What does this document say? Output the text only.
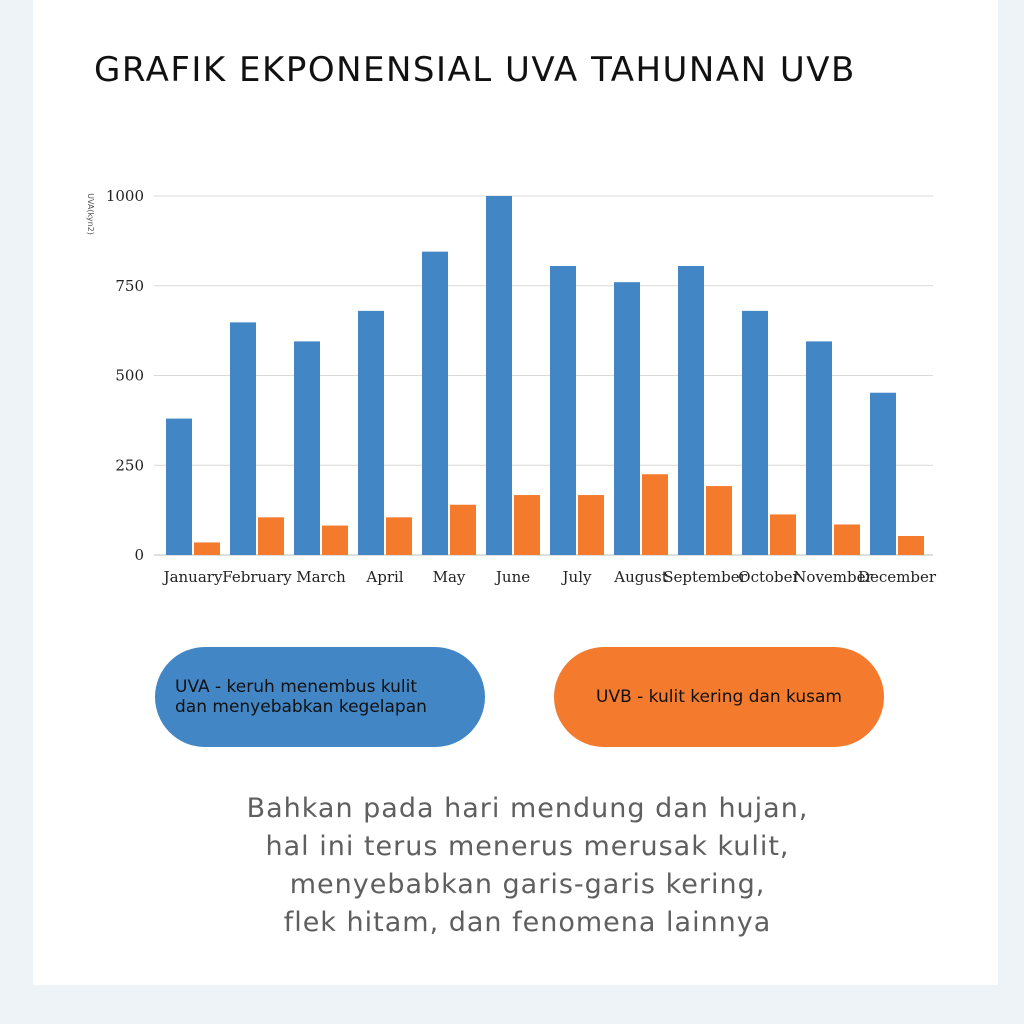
GRAFIK EKPONENSIAL UVA TAHUNAN UVB
0
250
500
750
1000
January February March April May June July August
September
October
November
December
UVA(kyn2)
UVA - keruh menembus kulit
dan menyebabkan kegelapan	UVB - kulit kering dan kusam
Bahkan pada hari mendung dan hujan,
hal ini terus menerus merusak kulit,
menyebabkan garis-garis kering,
flek hitam, dan fenomena lainnya
